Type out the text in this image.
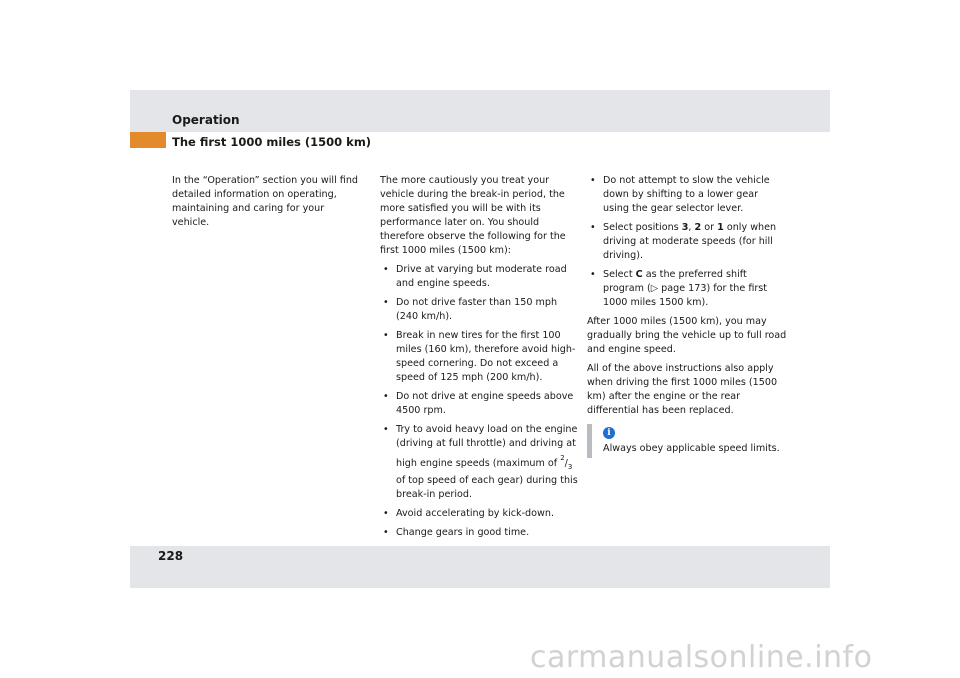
Operation
The first 1000 miles (1500 km)

In the “Operation” section you will find detailed information on operating, maintaining and caring for your vehicle.

The more cautiously you treat your vehicle during the break-in period, the more satisfied you will be with its performance later on. You should therefore observe the following for the first 1000 miles (1500 km):

• Drive at varying but moderate road and engine speeds.
• Do not drive faster than 150 mph (240 km/h).
• Break in new tires for the first 100 miles (160 km), therefore avoid high-speed cornering. Do not exceed a speed of 125 mph (200 km/h).
• Do not drive at engine speeds above 4500 rpm.
• Try to avoid heavy load on the engine (driving at full throttle) and driving at high engine speeds (maximum of $^2/_3$ of top speed of each gear) during this break-in period.
• Avoid accelerating by kick-down.
• Change gears in good time.
• Do not attempt to slow the vehicle down by shifting to a lower gear using the gear selector lever.
• Select positions 3, 2 or 1 only when driving at moderate speeds (for hill driving).
• Select C as the preferred shift program (▷ page 173) for the first 1000 miles 1500 km).

After 1000 miles (1500 km), you may gradually bring the vehicle up to full road and engine speed.

All of the above instructions also apply when driving the first 1000 miles (1500 km) after the engine or the rear differential has been replaced.

i
Always obey applicable speed limits.
228
carmanualsonline.info
